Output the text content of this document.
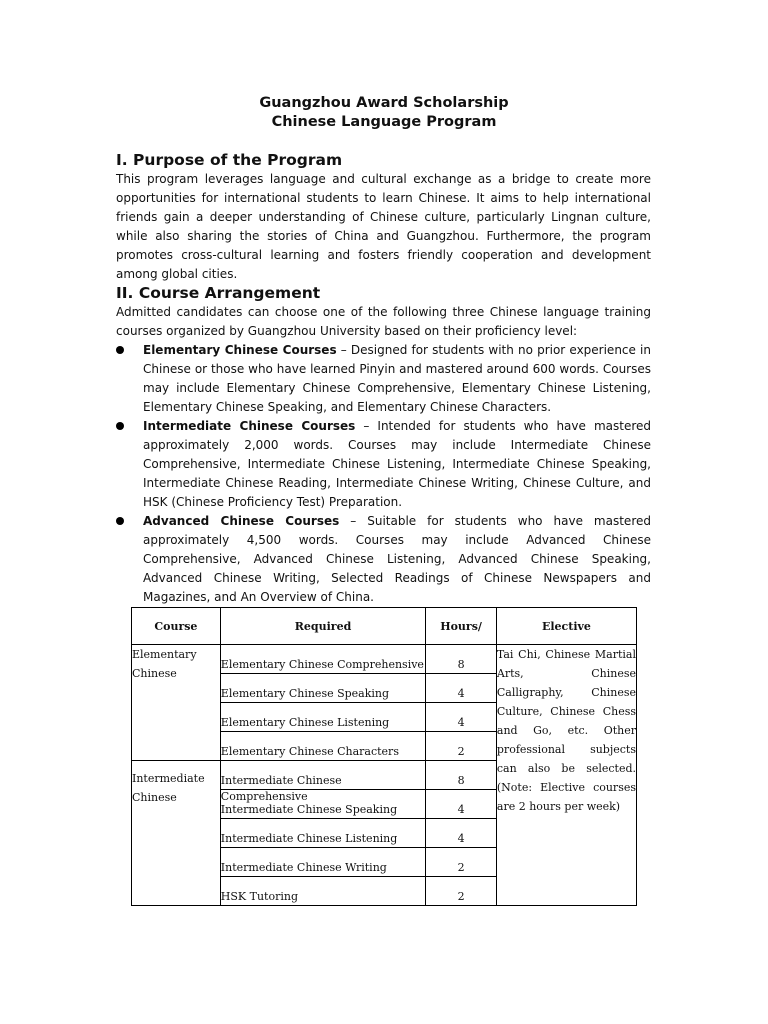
Guangzhou Award Scholarship
Chinese Language Program
I. Purpose of the Program

This program leverages language and cultural exchange as a bridge to create more opportunities for international students to learn Chinese. It aims to help international friends gain a deeper understanding of Chinese culture, particularly Lingnan culture, while also sharing the stories of China and Guangzhou. Furthermore, the program promotes cross-cultural learning and fosters friendly cooperation and development among global cities.

II. Course Arrangement

Admitted candidates can choose one of the following three Chinese language training courses organized by Guangzhou University based on their proficiency level:

Elementary Chinese Courses – Designed for students with no prior experience in Chinese or those who have learned Pinyin and mastered around 600 words. Courses may include Elementary Chinese Comprehensive, Elementary Chinese Listening, Elementary Chinese Speaking, and Elementary Chinese Characters.

Intermediate Chinese Courses – Intended for students who have mastered approximately 2,000 words. Courses may include Intermediate Chinese Comprehensive, Intermediate Chinese Listening, Intermediate Chinese Speaking, Intermediate Chinese Reading, Intermediate Chinese Writing, Chinese Culture, and HSK (Chinese Proficiency Test) Preparation.

Advanced Chinese Courses – Suitable for students who have mastered approximately 4,500 words. Courses may include Advanced Chinese Comprehensive, Advanced Chinese Listening, Advanced Chinese Speaking, Advanced Chinese Writing, Selected Readings of Chinese Newspapers and Magazines, and An Overview of China.

Course	Required	Hours/	Elective
Elementary Chinese	Elementary Chinese Comprehensive	8	Tai Chi, Chinese Martial Arts, Chinese Calligraphy, Chinese Culture, Chinese Chess and Go, etc. Other professional subjects can also be selected. (Note: Elective courses are 2 hours per week)

	Elementary Chinese Speaking	4	

	Elementary Chinese Listening	4	

	Elementary Chinese Characters	2	

Intermediate Chinese	Intermediate Chinese Comprehensive	8	

	Intermediate Chinese Speaking	4	

	Intermediate Chinese Listening	4	

	Intermediate Chinese Writing	2	

	HSK Tutoring	2	
